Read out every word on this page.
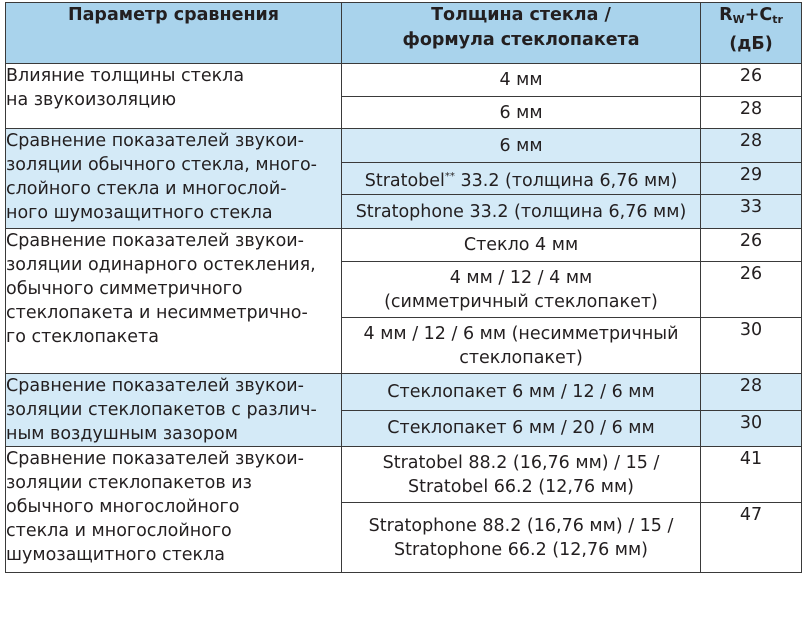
Параметр сравнения	Толщина стекла /
формула стеклопакета	$R_W+C_{tr}$
(дБ)

Влияние толщины стекла
на звукоизоляцию	4 мм	26

	6 мм	28

Сравнение показателей звукои-
золяции обычного стекла, много-
слойного стекла и многослой-
ного шумозащитного стекла	6 мм	28

	Stratobel** 33.2 (толщина 6,76 мм)	29

	Stratophone 33.2 (толщина 6,76 мм)	33

Сравнение показателей звукои-
золяции одинарного остекления,
обычного симметричного
стеклопакета и несимметрично-
го стеклопакета	Стекло 4 мм	26

	4 мм / 12 / 4 мм
(симметричный стеклопакет)	26

	4 мм / 12 / 6 мм (несимметричный
стеклопакет)	30

Сравнение показателей звукои-
золяции стеклопакетов с различ-
ным воздушным зазором	Стеклопакет 6 мм / 12 / 6 мм	28

	Стеклопакет 6 мм / 20 / 6 мм	30

Сравнение показателей звукои-
золяции стеклопакетов из
обычного многослойного
стекла и многослойного
шумозащитного стекла	Stratobel 88.2 (16,76 мм) / 15 /
Stratobel 66.2 (12,76 мм)	41

	Stratophone 88.2 (16,76 мм) / 15 /
Stratophone 66.2 (12,76 мм)	47
